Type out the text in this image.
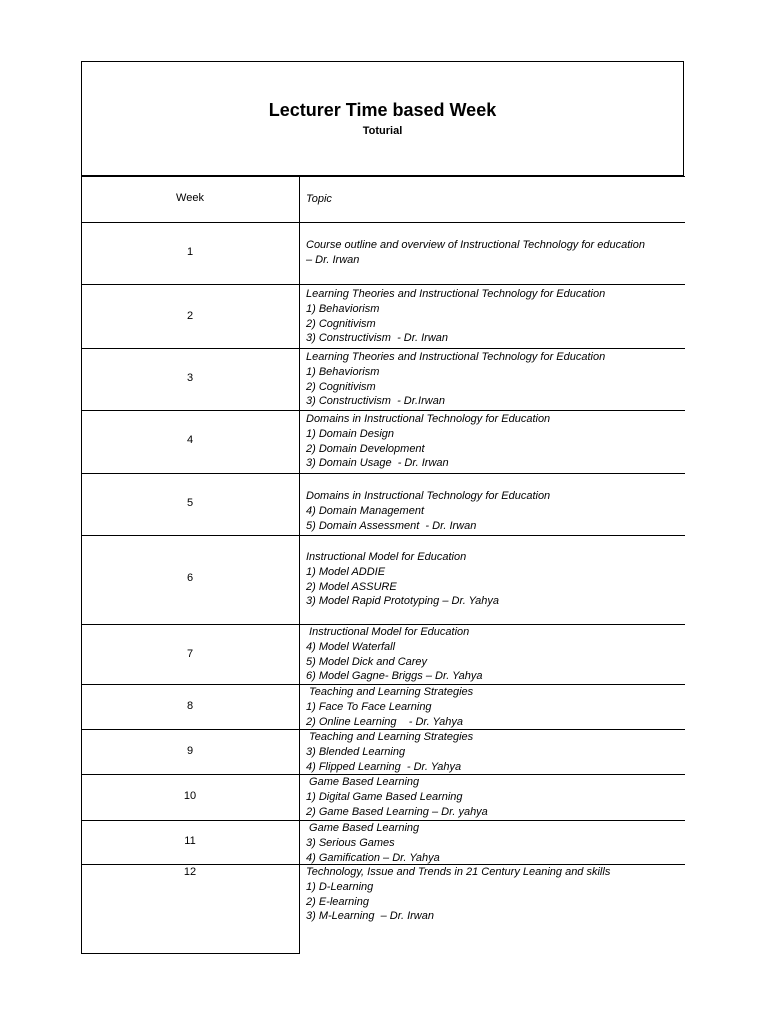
Lecturer Time based Week
Toturial
Week	Topic
1
Course outline and overview of Instructional Technology for education
– Dr. Irwan
2
Learning Theories and Instructional Technology for Education
1) Behaviorism
2) Cognitivism
3) Constructivism  - Dr. Irwan
3
Learning Theories and Instructional Technology for Education
1) Behaviorism
2) Cognitivism
3) Constructivism  - Dr.Irwan
4
Domains in Instructional Technology for Education
1) Domain Design
2) Domain Development
3) Domain Usage  - Dr. Irwan
5
Domains in Instructional Technology for Education
4) Domain Management
5) Domain Assessment  - Dr. Irwan
6
Instructional Model for Education
1) Model ADDIE
2) Model ASSURE
3) Model Rapid Prototyping – Dr. Yahya
7
Instructional Model for Education
4) Model Waterfall
5) Model Dick and Carey
6) Model Gagne- Briggs – Dr. Yahya
8
Teaching and Learning Strategies
1) Face To Face Learning
2) Online Learning    - Dr. Yahya
9
Teaching and Learning Strategies
3) Blended Learning
4) Flipped Learning  - Dr. Yahya
10
Game Based Learning
1) Digital Game Based Learning
2) Game Based Learning – Dr. yahya
11
Game Based Learning
3) Serious Games
4) Gamification – Dr. Yahya
12	Technology, Issue and Trends in 21 Century Leaning and skills
1) D-Learning
2) E-learning
3) M-Learning  – Dr. Irwan
